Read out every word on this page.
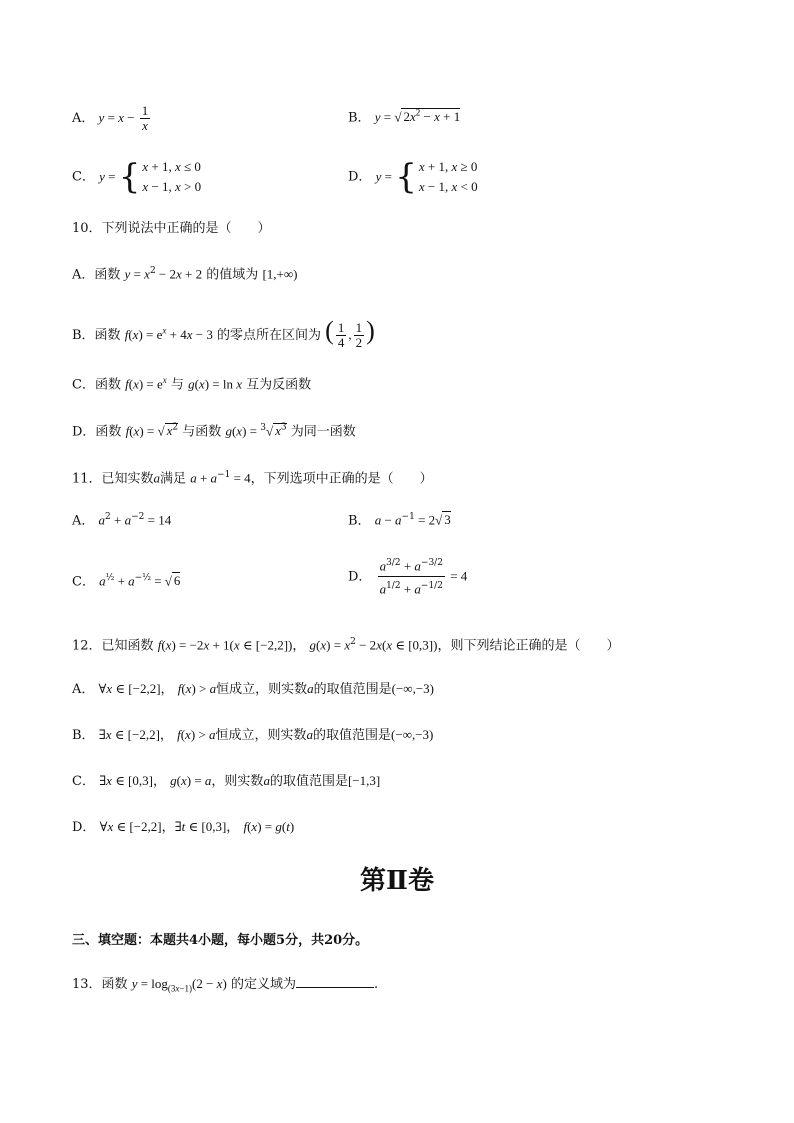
A． $y = x - \frac{1}{x}$	B． y = √ $2x^2 - x + 1$
C． y = { x + 1, x ≤ 0
x − 1, x > 0
D． y = { x + 1, x ≥ 0
x − 1, x < 0
10．下列说法中正确的是（　　）
A．函数 $y = x^2 - 2x + 2$ 的值域为 [1,+∞)
B．函数 $f(x) = e^x + 4x - 3$ 的零点所在区间为 ( $\frac{1}{4}$ , $\frac{1}{2}$ )
C．函数 $f(x) = e^x$ 与 g(x) = ln x 互为反函数
D．函数 f(x) = √ $x^2$ 与函数 g(x) = $^3$√ $x^3$ 为同一函数
11．已知实数a满足 $a + a^{-1} = 4$，下列选项中正确的是（　　）
A． $a^2 + a^{-2} = 14$	B． $a - a^{-1} = 2√$ 3
C． $a^{\frac{1}{2}} + a^{-\frac{1}{2}}$ = √ 6	D． $\frac{a^{3/2} + a^{-3/2}}{a^{1/2} + a^{-1/2}} = 4$
12．已知函数 f(x) = −2x + 1(x ∈ [−2,2])， $g(x) = x^2 - 2x(x$ ∈ [0,3])，则下列结论正确的是（　　）
A． ∀x ∈ [−2,2]， f(x) > a恒成立，则实数a的取值范围是(−∞,−3)
B． ∃x ∈ [−2,2]， f(x) > a恒成立，则实数a的取值范围是(−∞,−3)
C． ∃x ∈ [0,3]， g(x) = a，则实数a的取值范围是[−1,3]
D． ∀x ∈ [−2,2]，∃t ∈ [0,3]， f(x) = g(t)
第Ⅱ卷
三、填空题：本题共4小题，每小题5分，共20分。
13．函数 $y = \log_{(3x-1)}(2 - x)$ 的定义域为	.
